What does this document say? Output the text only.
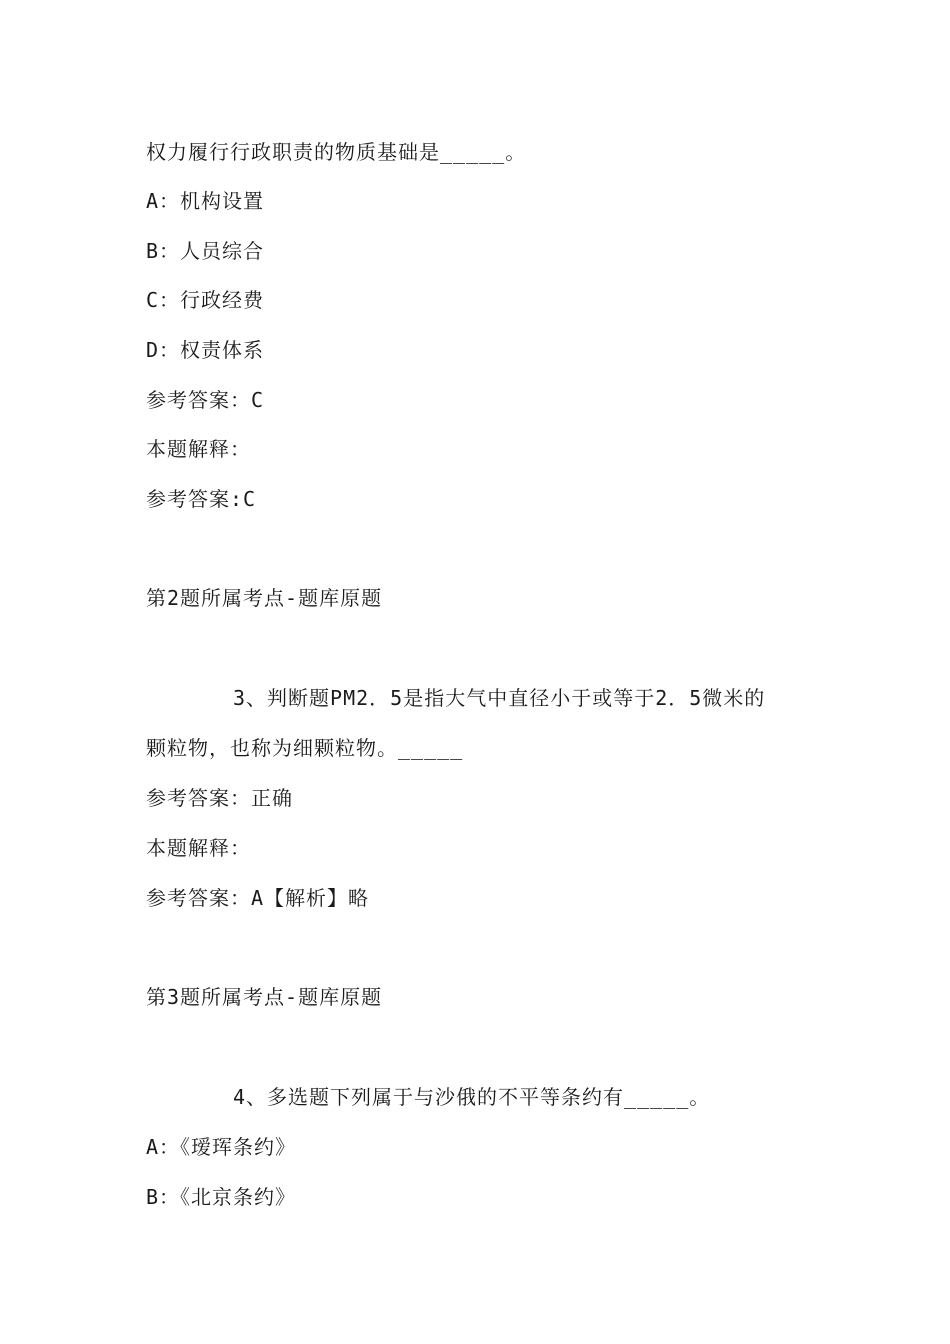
权力履行行政职责的物质基础是_____。
A：机构设置
B：人员综合
C：行政经费
D：权责体系
参考答案：C
本题解释：
参考答案:C
第2题所属考点-题库原题
3、判断题PM2．5是指大气中直径小于或等于2．5微米的
颗粒物，也称为细颗粒物。_____
参考答案：正确
本题解释：
参考答案：A【解析】略
第3题所属考点-题库原题
4、多选题下列属于与沙俄的不平等条约有_____。
A：《瑷珲条约》
B：《北京条约》
